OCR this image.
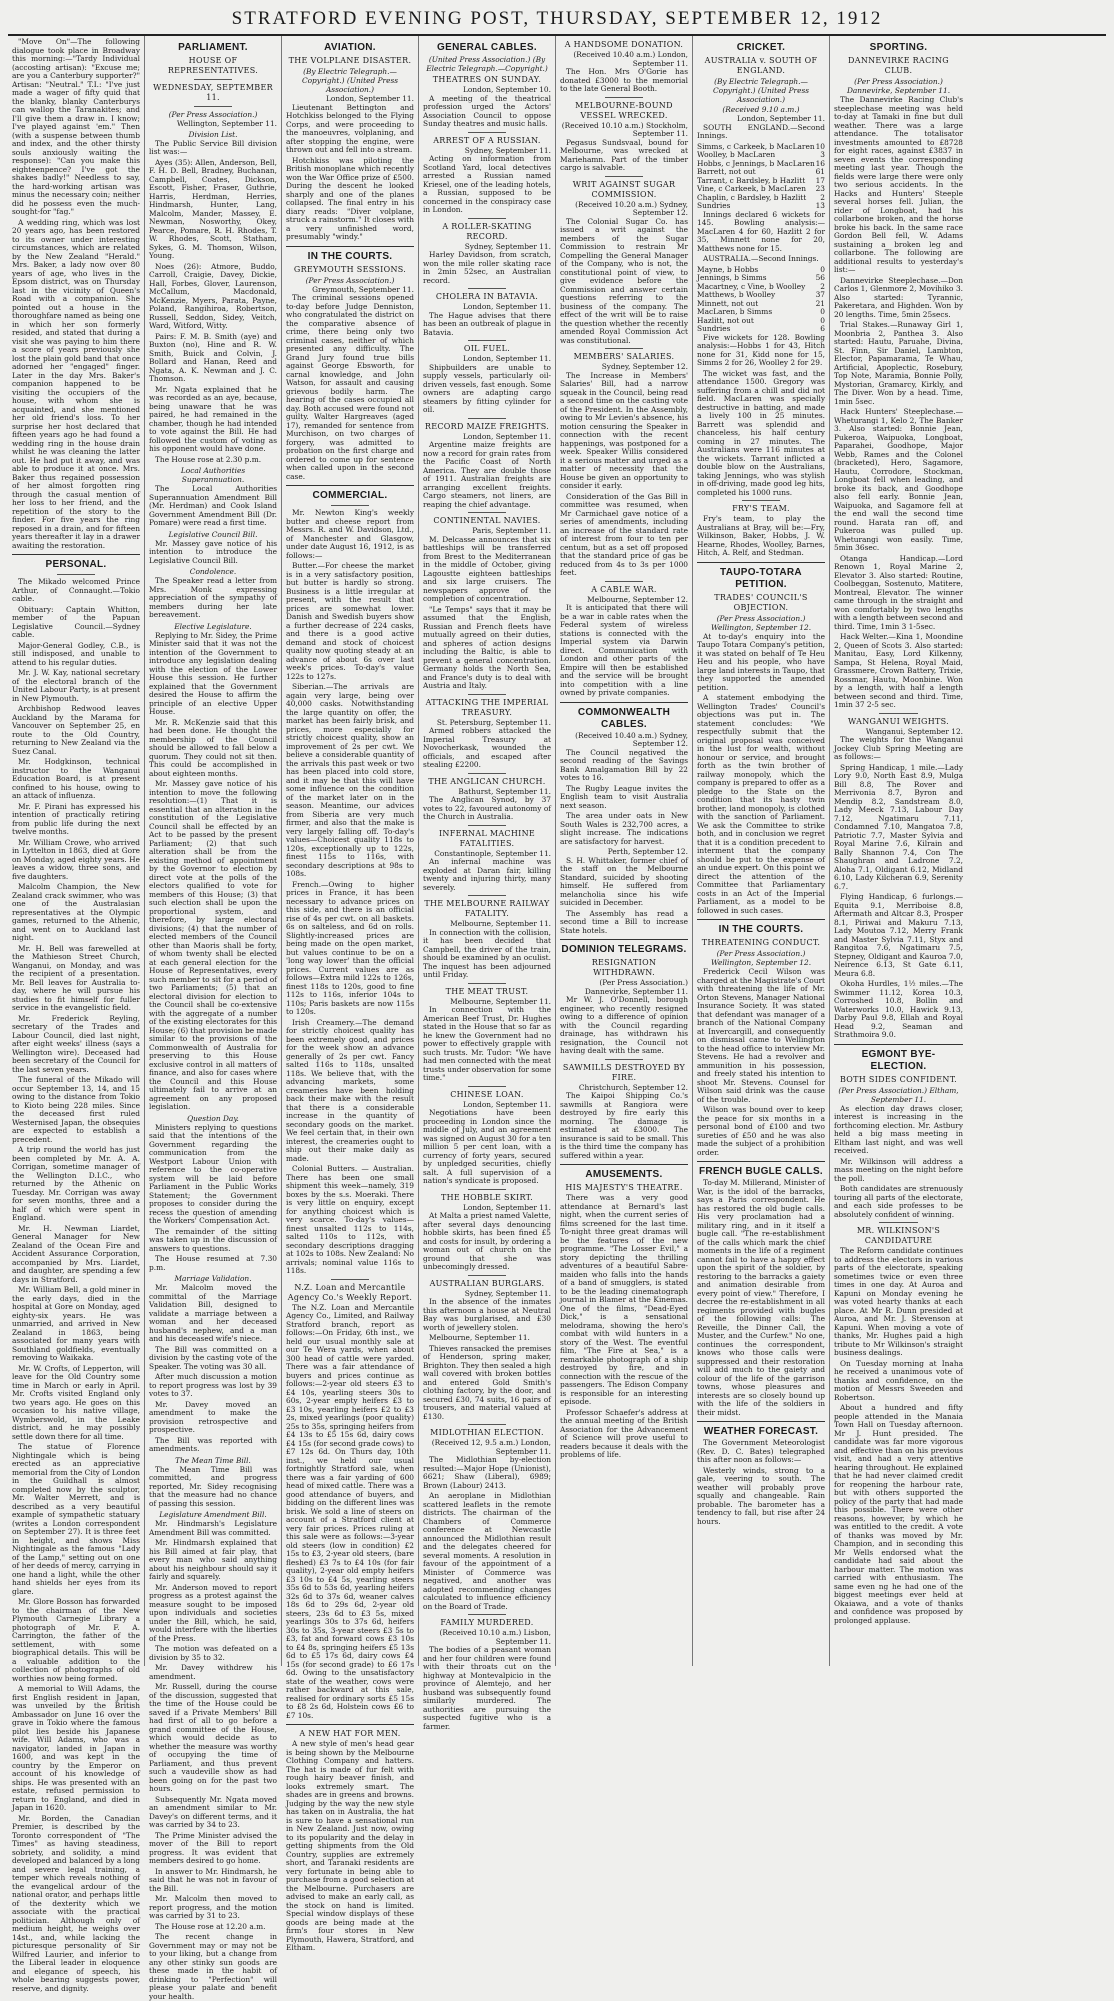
STRATFORD EVENING POST, THURSDAY, SEPTEMBER 12, 1912

"Move On"—The following dialogue took place in Broadway this morning:—"Tardy Individual (accosting artisan): "Excuse me; are you a Canterbury supporter?" Artisan: "Neutral." T.I.: "I've just made a wager of fifty quid that the blanky, blanky Canterburys can wallop the Taranakites; and I'll give them a draw in. I know; I've played against 'em." Then (with a suspense between thumb and index, and the other thirsty souls anxiously waiting the response): "Can you make this eighteenpence? I've got the shakes badly!" Needless to say, the hard-working artisan was minus the necessary coin; neither did he possess even the much-sought-for "fag."

A wedding ring, which was lost 20 years ago, has been restored to its owner under interesting circumstances, which are related by the New Zealand "Herald." Mrs. Baker, a lady now over 80 years of age, who lives in the Epsom district, was on Thursday last in the vicinity of Queen's Road with a companion. She pointed out a house in the thoroughfare named as being one in which her son formerly resided, and stated that during a visit she was paying to him there a score of years previously she lost the plain gold band that once adorned her "engaged" finger. Later in the day Mrs. Baker's companion happened to be visiting the occupiers of the house, with whom she is acquainted, and she mentioned her old friend's loss. To her surprise her host declared that fifteen years ago he had found a wedding ring in the house drain whilst he was cleaning the latter out. He had put it away, and was able to produce it at once. Mrs. Baker thus regained possession of her almost forgotten ring through the casual mention of her loss to her friend, and the repetition of the story to the finder. For five years the ring reposed in a drain, and for fifteen years thereafter it lay in a drawer awaiting the restoration.

PERSONAL.

The Mikado welcomed Prince Arthur, of Connaught.—Tokio cable.

Obituary: Captain Whitton, member of the Papuan Legislative Council.—Sydney cable.

Major-General Godley, C.B., is still indisposed, and unable to attend to his regular duties.

Mr. J. W. Kay, national secretary of the electoral branch of the United Labour Party, is at present in New Plymouth.

Archbishop Redwood leaves Auckland by the Marama for Vancouver on September 25, en route to the Old Country, returning to New Zealand via the Suez Canal.

Mr. Hodgkinson, technical instructor to the Wanganui Education Board, is at present confined to his house, owing to an attack of influenza.

Mr. F. Pirani has expressed his intention of practically retiring from public life during the next twelve months.

Mr. William Crowe, who arrived in Lyttelton in 1863, died at Gore on Monday, aged eighty years. He leaves a widow, three sons, and five daughters.

Malcolm Champion, the New Zealand crack swimmer, who was one of the Australasian representatives at the Olympic games, returned to the Athenic, and went on to Auckland last night.

Mr. H. Bell was farewelled at the Mathieson Street Church, Wanganui, on Monday, and was the recipient of a presentation. Mr. Bell leaves for Australia to-day, where he will pursue his studies to fit himself for fuller service in the evangelistic field.

Mr. Frederick Reyling, secretary of the Trades and Labour Council, died last night, after eight weeks' illness (says a Wellington wire). Deceased had been secretary of the Council for the last seven years.

The funeral of the Mikado will occur September 13, 14, and 15 owing to the distance from Tokio to Kioto being 228 miles. Since the deceased first ruled Westernised Japan, the obsequies are expected to establish a precedent.

A trip round the world has just been completed by Mr. A. A. Corrigan, sometime manager of the Wellington D.I.C., who returned by the Athenic on Tuesday. Mr. Corrigan was away for seven months, three and a half of which were spent in England.

Mr. H. Newman Liardet, General Manager for New Zealand of the Ocean Fire and Accident Assurance Corporation, accompanied by Mrs. Liardet, and daughter, are spending a few days in Stratford.

Mr. William Bell, a gold miner in the early days, died in the hospital at Gore on Monday, aged eighty-six years. He was unmarried, and arrived in New Zealand in 1863, being associated for many years with Southland goldfields, eventually removing to Waikaka.

Mr. W. Crofts, of Lepperton, will leave for the Old Country some time in March or early in April. Mr. Crofts visited England only two years ago. He goes on this occasion to his native village, Wymberswold, in the Leake district, and he may possibly settle down there for all time.

The statue of Florence Nightingale which is being erected as an appreciative memorial from the City of London in the Guildhall is almost completed now by the sculptor, Mr. Walter Merrett, and is described as a very beautiful example of sympathetic statuary (writes a London correspondent on September 27). It is three feet in height, and shows Miss Nightingale as the famous "Lady of the Lamp," setting out on one of her deeds of mercy, carrying in one hand a light, while the other hand shields her eyes from its glare.

Mr. Glore Bosson has forwarded to the chairman of the New Plymouth Carnegie Library a photograph of Mr. F. A. Carrington, the father of the settlement, with some biographical details. This will be a valuable addition to the collection of photographs of old worthies now being formed.

A memorial to Will Adams, the first English resident in Japan, was unveiled by the British Ambassador on June 16 over the grave in Tokio where the famous pilot lies beside his Japanese wife. Will Adams, who was a navigator, landed in Japan in 1600, and was kept in the country by the Emperor on account of his knowledge of ships. He was presented with an estate, refused permission to return to England, and died in Japan in 1620.

Mr. Borden, the Canadian Premier, is described by the Toronto correspondent of "The Times" as having steadiness, sobriety, and solidity, a mind developed and balanced by a long and severe legal training, a temper which reveals nothing of the evangelical ardour of the national orator, and perhaps little of the dexterity which we associate with the practical politician. Although only of medium height, he weighs over 14st., and, while lacking the picturesque personality of Sir Wilfred Laurier, and inferior to the Liberal leader in eloquence and elegance of speech, his whole bearing suggests power, reserve, and dignity.

PARLIAMENT.
HOUSE OF REPRESENTATIVES.
WEDNESDAY, SEPTEMBER 11.
(Per Press Association.)
Wellington, September 11.
Division List.

The Public Service Bill division list was:—

Ayes (35): Allen, Anderson, Bell, F. H. D. Bell, Bradney, Buchanan, Campbell, Coates, Dickson, Escott, Fisher, Fraser, Guthrie, Harris, Herdman, Herries, Hindmarsh, Hunter, Lang, Malcolm, Mander, Massey, E. Newman, Nosworthy, Okey, Pearce, Pomare, R. H. Rhodes, T. W. Rhodes, Scott, Statham, Sykes, G. M. Thomson, Wilson, Young.

Noes (26): Atmore, Buddo, Carroll, Craigie, Davey, Dickie, Hall, Forbes, Glover, Laurenson, McCallum, Macdonald, McKenzie, Myers, Parata, Payne, Poland, Rangihiroa, Robertson, Russell, Seddon, Sidey, Veitch, Ward, Witford, Witty.

Pairs: F. M. B. Smith (aye) and Buxton (no), Hine and R. W. Smith, Buick and Colvin, J. Bollard and Hanan, Reed and Ngata, A. K. Newman and J. C. Thomson.

Mr. Ngata explained that he was recorded as an aye, because, being unaware that he was paired, he had remained in the chamber, though he had intended to vote against the Bill. He had followed the custom of voting as his opponent would have done.

The House rose at 2.30 p.m.

Local Authorities Superannuation.

The Local Authorities Superannuation Amendment Bill (Mr. Herdman) and Cook Island Government Amendment Bill (Dr. Pomare) were read a first time.

Legislative Council Bill.

Mr. Massey gave notice of his intention to introduce the Legislative Council Bill.

Condolence.

The Speaker read a letter from Mrs. Monk expressing appreciation of the sympathy of members during her late bereavement.

Elective Legislature.

Replying to Mr. Sidey, the Prime Minister said that it was not the intention of the Government to introduce any legislation dealing with the election of the Lower House this session. He further explained that the Government desired the House to affirm the principle of an elective Upper House.

Mr. R. McKenzie said that this had been done. He thought the membership of the Council should be allowed to fall below a quorum. They could not sit then. This could be accomplished in about eighteen months.

Mr. Massey gave notice of his intention to move the following resolution:—(1) That it is essential that an alteration in the constitution of the Legislative Council shall be effected by an Act to be passed by the present Parliament; (2) that such alteration shall be from the existing method of appointment by the Governor to election by direct vote at the polls of the electors qualified to vote for members of this House; (3) that such election shall be upon the proportional system, and therefore, by large electoral divisions; (4) that the number of elected members of the Council other than Maoris shall be forty, of whom twenty shall be elected at each general election for the House of Representatives, every such member to sit for a period of two Parliaments; (5) that an electoral division for election to the Council shall be co-extensive with the aggregate of a number of the existing electorates for this House; (6) that provision be made similar to the provisions of the Commonwealth of Australia for preserving to this House exclusive control in all matters of finance, and also for cases where the Council and this House ultimately fail to arrive at an agreement on any proposed legislation.

Question Day.

Ministers replying to questions said that the intentions of the Government regarding the communication from the Westport Labour Union with reference to the co-operative system will be laid before Parliament in the Public Works Statement; the Government proposes to consider during the recess the question of amending the Workers' Compensation Act.

The remainder of the sitting was taken up in the discussion of answers to questions.

The House resumed at 7.30 p.m.

Marriage Validation.

Mr. Malcolm moved the committal of the Marriage Validation Bill, designed to validate a marriage between a woman and her deceased husband's nephew, and a man and his deceased wife's niece.

The Bill was committed on a division by the casting vote of the Speaker. The voting was 30 all.

After much discussion a motion to report progress was lost by 39 votes to 37.

Mr. Davey moved an amendment to make the provision retrospective and prospective.

The Bill was reported with amendments.

The Mean Time Bill.

The Mean Time Bill was committed, and progress reported, Mr. Sidey recognising that the measure had no chance of passing this session.

Legislature Amendment Bill.

Mr. Hindmarsh's Legislature Amendment Bill was committed.

Mr. Hindmarsh explained that his Bill aimed at fair play, that every man who said anything about his neighbour should say it fairly and squarely.

Mr. Anderson moved to report progress as a protest against the measure sought to be imposed upon individuals and societies under the Bill, which, he said, would interfere with the liberties of the Press.

The motion was defeated on a division by 35 to 32.

Mr. Davey withdrew his amendment.

Mr. Russell, during the course of the discussion, suggested that the time of the House could be saved if a Private Members' Bill had first of all to go before a grand committee of the House, which would decide as to whether the measure was worthy of occupying the time of Parliament, and thus prevent such a vaudeville show as had been going on for the past two hours.

Subsequently Mr. Ngata moved an amendment similar to Mr. Davey's on different terms, and it was carried by 34 to 23.

The Prime Minister advised the mover of the Bill to report progress. It was evident that members desired to go home.

In answer to Mr. Hindmarsh, he said that he was not in favour of the Bill.

Mr. Malcolm then moved to report progress, and the motion was carried by 31 to 23.

The House rose at 12.20 a.m.

The recent change in Government may or may not be to your liking, but a change from any other stinky sun goods are these made in the habit of drinking to "Perfection" will please your palate and benefit your health.

AVIATION.
THE VOLPLANE DISASTER.
(By Electric Telegraph.—Copyright.) (United Press Association.)
London, September 11.

Lieutenant Bettington and Hotchkiss belonged to the Flying Corps, and were proceeding to the manoeuvres, volplaning, and after stopping the engine, were thrown out and fell into a stream.

Hotchkiss was piloting the British monoplane which recently won the War Office prize of £500. During the descent he looked sharply and one of the planes collapsed. The final entry in his diary reads: "Diver volplane, struck a rainstorm." It closes with a very unfinished word, presumably "windy."

IN THE COURTS.
GREYMOUTH SESSIONS.
(Per Press Association.)
Greymouth, September 11.

The criminal sessions opened to-day before Judge Denniston, who congratulated the district on the comparative absence of crime, there being only two criminal cases, neither of which presented any difficulty. The Grand Jury found true bills against George Ebsworth, for carnal knowledge, and John Watson, for assault and causing grievous bodily harm. The hearing of the cases occupied all day. Both accused were found not guilty. Walter Hargreaves (aged 17), remanded for sentence from Murchison, on two charges of forgery, was admitted to probation on the first charge and ordered to come up for sentence when called upon in the second case.

COMMERCIAL.

Mr. Newton King's weekly butter and cheese report from Messrs. R. and W. Davidson, Ltd., of Manchester and Glasgow, under date August 16, 1912, is as follows:—

Butter.—For cheese the market is in a very satisfactory position, but butter is hardly so strong. Business is a little irregular at present, with the result that prices are somewhat lower. Danish and Swedish buyers show a further decrease of 224 casks, and there is a good active demand and stock of choicest quality now quoting steady at an advance of about 6s over last week's prices. To-day's value 122s to 127s.

Siberian.—The arrivals are again very large, being over 40,000 casks. Notwithstanding the large quantity on offer, the market has been fairly brisk, and prices, more especially for strictly choicest quality, show an improvement of 2s per cwt. We believe a considerable quantity of the arrivals this past week or two has been placed into cold store, and it may be that this will have some influence on the condition of the market later on in the season. Meantime, our advices from Siberia are very much firmer, and also that the make is very largely falling off. To-day's values—Choicest quality 118s to 120s, exceptionally up to 122s, finest 115s to 116s, with secondary descriptions at 98s to 108s.

French.—Owing to higher prices in France, it has been necessary to advance prices on this side, and there is an official rise of 4s per cwt. on all baskets. 6s on salteless, and 6d on rolls. Slightly-increased prices are being made on the open market, but values continue to be on a 'long way lower' than the official prices. Current values are as follows—Extra mild 122s to 126s, finest 118s to 120s, good to fine 112s to 116s, inferior 104s to 110s; Paris baskets are now 115s to 120s.

Irish Creamery.—The demand for strictly choicest quality has been extremely good, and prices for the week show an advance generally of 2s per cwt. Fancy salted 116s to 118s, unsalted 118s. We believe that, with the advancing markets, some creameries have been holding back their make with the result that there is a considerable increase in the quantity of secondary goods on the market. We feel certain that, in their own interest, the creameries ought to ship out their make daily as made.

Colonial Butters. — Australian. There has been one small shipment this week—namely, 319 boxes by the s.s. Moeraki. There is very little on enquiry, except for anything choicest which is very scarce. To-day's values—finest unsalted 112s to 114s, salted 110s to 112s, with secondary descriptions dragging at 102s to 108s. New Zealand: No arrivals; nominal value 116s to 118s.

N.Z. Loan and Mercantile Agency Co.'s Weekly Report.

The N.Z. Loan and Mercantile Agency Co., Limited, and Railway Stratford branch, report as follows:—On Friday, 6th inst., we held our usual monthly sale at our Te Wera yards, when about 300 head of cattle were yarded. There was a fair attendance of buyers and prices continue as follows:—2-year old steers £3 to £4 10s, yearling steers 30s to 60s, 2-year empty heifers £3 to £3 10s, yearling heifers £2 to £3 2s, mixed yearlings (poor quality) 25s to 35s, springing heifers from £4 13s to £5 15s 6d, dairy cows £4 15s (for second grade cows) to £7 12s 6d. On Thurs day, 10th inst., we held our usual fortnightly Stratford sale, when there was a fair yarding of 600 head of mixed cattle. There was a good attendance of buyers, and bidding on the different lines was brisk. We sold a line of steers on account of a Stratford client at very fair prices. Prices ruling at this sale were as follows:—3-year old steers (low in condition) £2 15s to £3, 2-year old steers, (bare fleshed) £3 7s to £4 10s (for fair quality), 2-year old empty heifers £3 10s to £4 5s, yearling steers 35s 6d to 53s 6d, yearling heifers 32s 6d to 37s 6d, weaner calves 18s 6d to 29s 6d, 2-year old steers, 23s 6d to £3 5s, mixed yearlings 30s to 37s 6d, heifers 30s to 35s, 3-year steers £3 5s to £3, fat and forward cows £3 10s to £4 8s, springing heifers £5 13s 6d to £5 17s 6d, dairy cows £4 15s (for second grade) to £6 17s 6d. Owing to the unsatisfactory state of the weather, cows were rather backward at this sale, realised for ordinary sorts £5 15s to £8 2s 6d, Holstein cows £6 to £7 10s.

A NEW HAT FOR MEN.

A new style of men's head gear is being shown by the Melbourne Clothing Company and hatters. The hat is made of fur felt with rough hairy beaver finish, and looks extremely smart. The shades are in greens and browns. Judging by the way the new style has taken on in Australia, the hat is sure to have a sensational run in New Zealand. Just now, owing to its popularity and the delay in getting shipments from the Old Country, supplies are extremely short, and Taranaki residents are very fortunate in being able to purchase from a good selection at the Melbourne. Purchasers are advised to make an early call, as the stock on hand is limited. Special window displays of these goods are being made at the firm's four stores in New Plymouth, Hawera, Stratford, and Eltham.

GENERAL CABLES.
(United Press Association.) (By Electric Telegraph.—Copyright.)
THEATRES ON SUNDAY.
London, September 10.

A meeting of the theatrical profession urged the Actors' Association Council to oppose Sunday theatres and music halls.

ARREST OF A RUSSIAN.
Sydney, September 11.

Acting on information from Scotland Yard, local detectives arrested a Russian named Kriesel, one of the leading hotels, a Russian, supposed to be concerned in the conspiracy case in London.

A ROLLER-SKATING RECORD.
Sydney, September 11.

Harley Davidson, from scratch, won the mile roller skating race in 2min 52sec, an Australian record.

CHOLERA IN BATAVIA.
London, September 11.

The Hague advises that there has been an outbreak of plague in Batavia.

OIL FUEL.
London, September 11.

Shipbuilders are unable to supply vessels, particularly oil-driven vessels, fast enough. Some owners are adapting cargo steamers by fitting cylinder for oil.

RECORD MAIZE FREIGHTS.
London, September 11.

Argentine maize freights are now a record for grain rates from the Pacific Coast of North America. They are double those of 1911. Australian freights are arranging excellent freights. Cargo steamers, not liners, are reaping the chief advantage.

CONTINENTAL NAVIES.
Paris, September 11.

M. Delcasse announces that six battleships will be transferred from Brest to the Mediterranean in the middle of October, giving Lagoustte eighteen battleships and six large cruisers. The newspapers approve of the completion of concentration.

"Le Temps" says that it may be assumed that the English, Russian and French fleets have mutually agreed on their duties, and spheres of action designs including the Baltic, is able to prevent a general concentration. Germany holds the North Sea, and France's duty is to deal with Austria and Italy.

ATTACKING THE IMPERIAL TREASURY.
St. Petersburg, September 11.

Armed robbers attacked the Imperial Treasury at Novocherkask, wounded the officials, and escaped after stealing £2200.

THE ANGLICAN CHURCH.
Bathurst, September 11.

The Anglican Synod, by 37 votes to 22, favoured autonomy of the Church in Australia.

INFERNAL MACHINE FATALITIES.
Constantinople, September 11.

An infernal machine was exploded at Daran fair, killing twenty and injuring thirty, many severely.

THE MELBOURNE RAILWAY FATALITY.
Melbourne, September 11.

In connection with the collision, it has been decided that Campbell, the driver of the train, should be examined by an oculist. The inquest has been adjourned until Friday.

THE MEAT TRUST.
Melbourne, September 11.

In connection with the American Beef Trust, Dr. Hughes stated in the House that so far as he knew the Government had no power to effectively grapple with such trusts. Mr. Tudor: "We have had men connected with the meat trusts under observation for some time."

CHINESE LOAN.
London, September 11.

Negotiations have been proceeding in London since the middle of July, and an agreement was signed on August 30 for a ten million 5 per cent loan, with a currency of forty years, secured by unpledged securities, chiefly salt. A full supervision of a nation's syndicate is proposed.

THE HOBBLE SKIRT.
London, September 11.

At Malta a priest named Valette, after several days denouncing hobble skirts, has been fined £5 and costs for insult, by ordering a woman out of church on the ground that she was unbecomingly dressed.

AUSTRALIAN BURGLARS.
Sydney, September 11.

In the absence of the inmates this afternoon a house at Neutral Bay was burglarised, and £30 worth of jewellery stolen.

Melbourne, September 11.

Thieves ransacked the premises of Henderson, spring maker, Brighton. They then sealed a high wall covered with broken bottles and entered Gold Smith's clothing factory, by the door, and secured £30, 74 suits, 16 pairs of trousers, and material valued at £130.

MIDLOTHIAN ELECTION.
(Received 12, 9.5 a.m.) London, September 11.

The Midlothian by-election resulted:—Major Hope (Unionist), 6621; Shaw (Liberal), 6989; Brown (Labour) 2413.

An aeroplane in Midlothian scattered leaflets in the remote districts. The chairman of the Chambers of Commerce conference at Newcastle announced the Midlothian result and the delegates cheered for several moments. A resolution in favour of the appointment of a Minister of Commerce was negatived, and another was adopted recommending changes calculated to influence efficiency on the Board of Trade.

FAMILY MURDERED.
(Received 10.10 a.m.) Lisbon, September 11.

The bodies of a peasant woman and her four children were found with their throats cut on the highway at Montevalpicio in the province of Alemtejo, and her husband was subsequently found similarly murdered. The authorities are pursuing the suspected fugitive who is a farmer.

A HANDSOME DONATION.
(Received 10.40 a.m.) London, September 11.

The Hon. Mrs O'Gorie has donated £3000 to the memorial to the late General Booth.

MELBOURNE-BOUND VESSEL WRECKED.
(Received 10.10 a.m.) Stockholm, September 11.

Pegasus Sundsvaal, bound for Melbourne, was wrecked at Mariehamn. Part of the timber cargo is salvable.

WRIT AGAINST SUGAR COMMISSION.
(Received 10.20 a.m.) Sydney, September 12.

The Colonial Sugar Co. has issued a writ against the members of the Sugar Commission to restrain Mr Compelling the General Manager of the Company, who is not, the constitutional point of view, to give evidence before the Commission and answer certain questions referring to the business of the company. The effect of the writ will be to raise the question whether the recently amended Royal Commission Act was constitutional.

MEMBERS' SALARIES.
Sydney, September 12.

The Increase in Members' Salaries' Bill, had a narrow squeak in the Council, being read a second time on the casting vote of the President. In the Assembly, owing to Mr Levien's absence, his motion censuring the Speaker in connection with the recent happenings, was postponed for a week. Speaker Willis considered it a serious matter and urged as a matter of necessity that the House be given an opportunity to consider it early.

Consideration of the Gas Bill in committee was resumed, when Mr Carmichael gave notice of a series of amendments, including an increase of the standard rate of interest from four to ten per centum, but as a set off proposed that the standard price of gas be reduced from 4s to 3s per 1000 feet.

A CABLE WAR.
Melbourne, September 12.

It is anticipated that there will be a war in cable rates when the Federal system of wireless stations is connected with the Imperial system via Darwin direct. Communication with London and other parts of the Empire will then be established and the service will be brought into competition with a line owned by private companies.

COMMONWEALTH CABLES.
(Received 10.40 a.m.) Sydney, September 12.

The Council negatived the second reading of the Savings Bank Amalgamation Bill by 22 votes to 16.

The Rugby League invites the English team to visit Australia next season.

The area under oats in New South Wales is 232,700 acres, a slight increase. The indications are satisfactory for harvest.

Perth, September 12.

S. H. Whittaker, former chief of the staff on the Melbourne Standard, suicided by shooting himself. He suffered from melancholia since his wife suicided in December.

The Assembly has read a second time a Bill to increase State hotels.

DOMINION TELEGRAMS.
RESIGNATION WITHDRAWN.
(Per Press Association.) Dannevirke, September 11.

Mr W. J. O'Donnell, borough engineer, who recently resigned owing to a difference of opinion with the Council regarding drainage, has withdrawn his resignation, the Council not having dealt with the same.

SAWMILLS DESTROYED BY FIRE.
Christchurch, September 12.

The Kaipoi Shipping Co.'s sawmills at Rangiora were destroyed by fire early this morning. The damage is estimated at £3000. The insurance is said to be small. This is the third time the company has suffered within a year.

AMUSEMENTS.
HIS MAJESTY'S THEATRE.

There was a very good attendance at Bernard's last night, when the current series of films screened for the last time. To-night three great dramas will be the features of the new programme. "The Losser Evil," a story depicting the thrilling adventures of a beautiful Sabre-maiden who falls into the hands of a band of smugglers, is stated to be the leading cinematograph journal in Blamer at the Kinemas. One of the films, "Dead-Eyed Dick," is a sensational melodrama, showing the hero's combat with wild hunters in a story of the West. The eventful film, "The Fire at Sea," is a remarkable photograph of a ship destroyed by fire, and in connection with the rescue of the passengers. The Edison Company is responsible for an interesting episode.

Professor Schaefer's address at the annual meeting of the British Association for the Advancement of Science will prove useful to readers because it deals with the problems of life.

CRICKET.
AUSTRALIA v. SOUTH OF ENGLAND.
(By Electric Telegraph.—Copyright.) (United Press Association.)
(Received 9.10 a.m.)
London, September 11.

SOUTH ENGLAND.—Second Innings.

Simms, c Carkeek, b MacLaren 10
Woolley, b MacLaren	3
Hobbs, c Jennings, b MacLaren 16
Barrett, not out	61
Tarrant, c Bardsley, b Hazlitt 17
Vine, c Carkeek, b MacLaren 23
Chaplin, c Bardsley, b Hazlitt 2
Sundries	13

Innings declared 6 wickets for 145. Bowling analysis:—MacLaren 4 for 60, Hazlitt 2 for 35, Minnett none for 20, Matthews none for 15.

AUSTRALIA.—Second Innings.

Mayne, b Hobbs	0
Jennings, b Simms	56
Macartney, c Vine, b Woolley 2
Matthews, b Woolley	37
Minnett, not out	21
MacLaren, b Simms	0
Hazlitt, not out	0
Sundries	6

Five wickets for 128. Bowling analysis:—Hobbs 1 for 43, Hitch none for 31, Kidd none for 15, Simms 2 for 26, Woolley 2 for 29.

The wicket was fast, and the attendance 1500. Gregory was suffering from a chill and did not field. MacLaren was specially destructive in batting, and made a lively 100 in 25 minutes. Barrett was splendid and chanceless, his half century coming in 27 minutes. The Australians were 116 minutes at the wickets. Tarrant inflicted a double blow on the Australians, taking Jennings, who was stylish in off-driving, made good leg hits, completed his 1000 runs.

FRY'S TEAM.

Fry's team, to play the Australians at Bray, will be:—Fry, Wilkinson, Baker, Hobbs, J. W. Hearne, Rhodes, Woolley, Barnes, Hitch, A. Relf, and Stedman.

TAUPO-TOTARA PETITION.
TRADES' COUNCIL'S OBJECTION.
(Per Press Association.) Wellington, September 12.

At to-day's enquiry into the Taupo Totara Company's petition, it was stated on behalf of Te Heu Heu and his people, who have large land interests in Taupo, that they supported the amended petition.

A statement embodying the Wellington Trades' Council's objections was put in. The statement concludes: "We respectfully submit that the original proposal was conceived in the lust for wealth, without honour or service, and brought forth as the twin brother of railway monopoly, which the company is prepared to offer as a pledge to the State on the condition that its hasty twin brother, land monopoly, is clothed with the sanction of Parliament. We ask the Committee to strike both, and in conclusion we regret that it is a condition precedent to interment that the company should be put to the expense of an undue expert. On this point we direct the attention of the Committee that Parliamentary costs in an Act of the Imperial Parliament, as a model to be followed in such cases.

IN THE COURTS.
THREATENING CONDUCT.
(Per Press Association.) Wellington, September 12.

Frederick Cecil Wilson was charged at the Magistrate's Court with threatening the life of Mr. Orton Stevens, Manager National Insurance Society. It was stated that defendant was manager of a branch of the National Company at Invercargill, and consequently on dismissal came to Wellington to the head office to interview Mr. Stevens. He had a revolver and ammunition in his possession, and freely stated his intention to shoot Mr. Stevens. Counsel for Wilson said drink was the cause of the trouble.

Wilson was bound over to keep the peace for six months in a personal bond of £100 and two sureties of £50 and he was also made the subject of a prohibition order.

FRENCH BUGLE CALLS.

To-day M. Millerand, Minister of War, is the idol of the barracks, says a Paris correspondent. He has restored the old bugle calls. His very proclamation had a military ring, and in it itself a bugle call. "The re-establishment of the calls which mark the chief moments in the life of a regiment cannot fail to have a happy effect upon the spirit of the soldier, by restoring to the barracks a gaiety and animation desirable from every point of view." Therefore, I decree the re-establishment in all regiments provided with bugles of the following calls: The Reveille, the Dinner Call, the Muster, and the Curfew." No one, continues the correspondent, knows who those calls were suppressed and their restoration will add much to the gaiety and colour of the life of the garrison towns, whose pleasures and interests are so closely bound up with the life of the soldiers in their midst.

WEATHER FORECAST.

The Government Meteorologist (Rev. D. C. Bates) telegraphed this after noon as follows:—

Westerly winds, strong to a gale, veering to south. The weather will probably prove squally and changeable. Rain probable. The barometer has a tendency to fall, but rise after 24 hours.

SPORTING.
DANNEVIRKE RACING CLUB.
(Per Press Association.) Dannevirke, September 11.

The Dannevirke Racing Club's steeplechase meeting was held to-day at Tamaki in fine but dull weather. There was a large attendance. The totalisator investments amounted to £8728 for eight races, against £3837 in seven events the corresponding meeting last year. Though the fields were large there were only two serious accidents. In the Hacks and Hunters' Steeple several horses fell. Julian, the rider of Longboat, had his collarbone broken, and the horse broke his back. In the same race Gordon Bell fell, W. Adams sustaining a broken leg and collarbone. The following are additional results to yesterday's list:—

Dannevirke Steeplechase.—Don Carlos 1, Glenmore 2, Movihiko 3. Also started: Tyrannic, Pakeretara, and Highden. Won by 20 lengths. Time, 5min 25secs.

Trial Stakes.—Runaway Girl 1, Moonbria 2, Panthea 3. Also started: Hautu, Paruahe, Divina, St. Finn, Sir Daniel, Lambton, Elector, Papamarama, Te Whau, Artificial, Apoplectic, Rosebury, Top Note, Maramia, Bonnie Polly, Mystorian, Gramarcy, Kirkly, and The Diver. Won by a head. Time, 1min 5sec.

Hack Hunters' Steeplechase.—Wheturangi 1, Kelo 2, The Banker 3. Also started: Bonnie Jean, Pukeroa, Waipuoka, Longboat, Paparahei, Goodhope, Major Webb, Rames and the Colonel (bracketed), Hero, Sagamore, Hautu, Corrodore, Stockman, Longboat fell when leading, and broke its back, and Goodhope also fell early. Bonnie Jean, Waipuoka, and Sagamore fell at the end wall the second time round. Harata ran off, and Pukeroa was pulled up. Wheturangi won easily. Time, 5min 36sec.

Otanga Handicap.—Lord Renown 1, Royal Marine 2, Elevator 3. Also started: Routine, Coolbeggan, Sostenuto, Matitere, Montreal, Elevator. The winner came through in the straight and won comfortably by two lengths with a length between second and third. Time, 1min 3 1-5sec.

Hack Welter.—Kina 1, Moondine 2, Queen of Scots 3. Also started: Manitau, Easy, Lord Kilkenny, Sampa, St Helena, Royal Maid, Grassmere, Crown Battery, Trixie, Rossmar, Hautu, Moonbine. Won by a length, with half a length between second and third. Time, 1min 37 2-5 sec.

WANGANUI WEIGHTS.
Wanganui, September 12.

The weights for the Wanganui Jockey Club Spring Meeting are as follows:—

Spring Handicap, 1 mile.—Lady Lory 9.0, North East 8.9, Mulga Bill 8.8, The Rover and Merrivonia 8.7, Byron and Mendip 8.2, Sandstream 8.0, Lady Meeck 7.13, Labour Day 7.12, Ngatimaru 7.11, Condamned 7.10, Mangatoa 7.8, Patriotic 7.7, Master Sylvia and Royal Marine 7.6, Kilrain and Bally Shannon 7.4, Con The Shaughran and Ladrone 7.2, Aloha 7.1, Oldigant 6.12, Midland 6.10, Lady Kilcheran 6.9, Serenity 6.7.

Flying Handicap, 6 furlongs.—Equita 9.1, Merriboise 8.8, Aftermath and Altcar 8.3, Prosper 8.1, Piriwai and Makuru 7.13, Lady Moutoa 7.12, Merry Frank and Master Sylvia 7.11, Styx and Rangitoa 7.6, Ngatimaru 7.5, Stepney, Oldigant and Kauroa 7.0, Neirence 6.13, St Gate 6.11, Meura 6.8.

Okoha Hurdles, 1½ miles.—The Swimmer 11.12, Korea 10.3, Corroshed 10.8, Bollin and Waterworks 10.0, Hawick 9.13, Darby Paul 9.8, Ellah and Royal Head 9.2, Seaman and Strathmoira 9.0.

EGMONT BYE-ELECTION.
BOTH SIDES CONFIDENT.
(Per Press Association.) Eltham, September 11.

As election day draws closer, interest is increasing in the forthcoming election. Mr. Astbury held a big mass meeting in Eltham last night, and was well received.

Mr. Wilkinson will address a mass meeting on the night before the poll.

Both candidates are strenuously touring all parts of the electorate, and each side professes to be absolutely confident of winning.

MR. WILKINSON'S CANDIDATURE

The Reform candidate continues to address the electors in various parts of the electorate, speaking sometimes twice or even three times in one day. At Auroa and Kapuni on Monday evening he was voted hearty thanks at each place. At Mr R. Dunn presided at Auroa, and Mr. J. Stevenson at Kapuni. When moving a vote of thanks, Mr. Hughes paid a high tribute to Mr Wilkinson's straight business dealings.

On Tuesday morning at Inaha he received a unanimous vote of thanks and confidence, on the motion of Messrs Sweeden and Robertson.

About a hundred and fifty people attended in the Manaia Town Hall on Tuesday afternoon. Mr J. Hunt presided. The candidate was far more vigorous and effective than on his previous visit, and had a very attentive hearing throughout. He explained that he had never claimed credit for reopening the harbour rate, but with others supported the policy of the party that had made this possible. There were other reasons, however, by which he was entitled to the credit. A vote of thanks was moved by Mr. Champion, and in seconding this Mr Wells endorsed what the candidate had said about the harbour matter. The motion was carried with enthusiasm. The same even ng he had one of the biggest meetings ever held at Okaiawa, and a vote of thanks and confidence was proposed by prolonged applause.
